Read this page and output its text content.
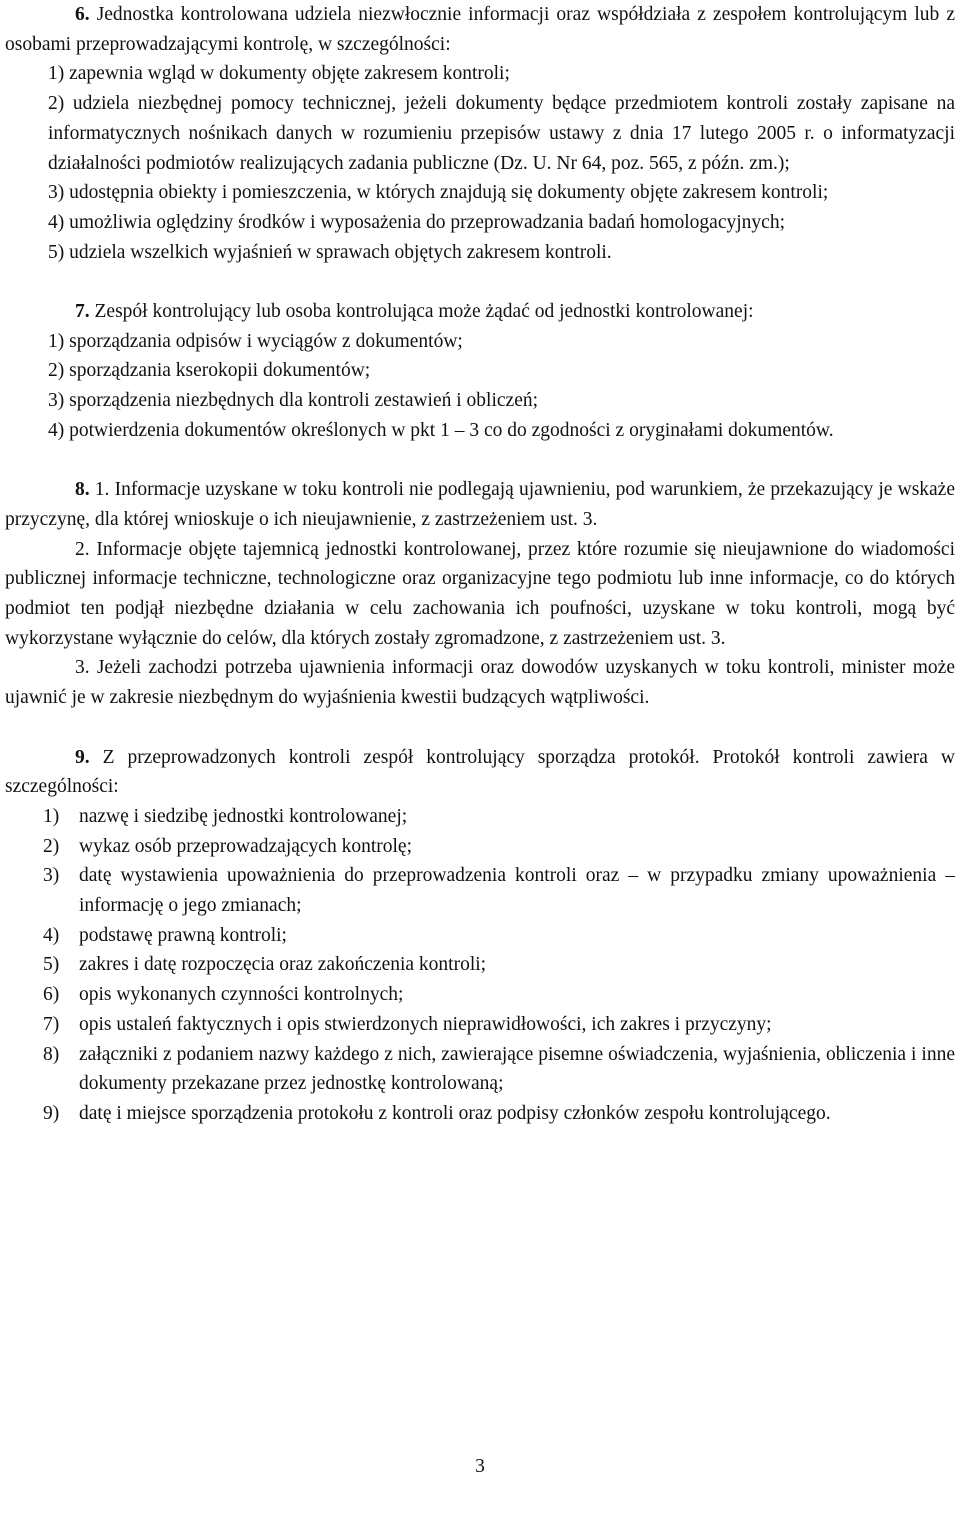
6. Jednostka kontrolowana udziela niezwłocznie informacji oraz współdziała z zespołem kontrolującym lub z osobami przeprowadzającymi kontrolę, w szczególności:

1) zapewnia wgląd w dokumenty objęte zakresem kontroli;

2) udziela niezbędnej pomocy technicznej, jeżeli dokumenty będące przedmiotem kontroli zostały zapisane na informatycznych nośnikach danych w rozumieniu przepisów ustawy z dnia 17 lutego 2005 r. o informatyzacji działalności podmiotów realizujących zadania publiczne (Dz. U. Nr 64, poz. 565, z późn. zm.);

3) udostępnia obiekty i pomieszczenia, w których znajdują się dokumenty objęte zakresem kontroli;

4) umożliwia oględziny środków i wyposażenia do przeprowadzania badań homologacyjnych;

5) udziela wszelkich wyjaśnień w sprawach objętych zakresem kontroli.

7. Zespół kontrolujący lub osoba kontrolująca może żądać od jednostki kontrolowanej:

1) sporządzania odpisów i wyciągów z dokumentów;

2) sporządzania kserokopii dokumentów;

3) sporządzenia niezbędnych dla kontroli zestawień i obliczeń;

4) potwierdzenia dokumentów określonych w pkt 1 – 3 co do zgodności z oryginałami dokumentów.

8. 1. Informacje uzyskane w toku kontroli nie podlegają ujawnieniu, pod warunkiem, że przekazujący je wskaże przyczynę, dla której wnioskuje o ich nieujawnienie, z zastrzeżeniem ust. 3.

2. Informacje objęte tajemnicą jednostki kontrolowanej, przez które rozumie się nieujawnione do wiadomości publicznej informacje techniczne, technologiczne oraz organizacyjne tego podmiotu lub inne informacje, co do których podmiot ten podjął niezbędne działania w celu zachowania ich poufności, uzyskane w toku kontroli, mogą być wykorzystane wyłącznie do celów, dla których zostały zgromadzone, z zastrzeżeniem ust. 3.

3. Jeżeli zachodzi potrzeba ujawnienia informacji oraz dowodów uzyskanych w toku kontroli, minister może ujawnić je w zakresie niezbędnym do wyjaśnienia kwestii budzących wątpliwości.

9. Z przeprowadzonych kontroli zespół kontrolujący sporządza protokół. Protokół kontroli zawiera w szczególności:

1) nazwę i siedzibę jednostki kontrolowanej;
2) wykaz osób przeprowadzających kontrolę;
3) datę wystawienia upoważnienia do przeprowadzenia kontroli oraz – w przypadku zmiany upoważnienia – informację o jego zmianach;
4) podstawę prawną kontroli;
5) zakres i datę rozpoczęcia oraz zakończenia kontroli;
6) opis wykonanych czynności kontrolnych;
7) opis ustaleń faktycznych i opis stwierdzonych nieprawidłowości, ich zakres i przyczyny;
8) załączniki z podaniem nazwy każdego z nich, zawierające pisemne oświadczenia, wyjaśnienia, obliczenia i inne dokumenty przekazane przez jednostkę kontrolowaną;
9) datę i miejsce sporządzenia protokołu z kontroli oraz podpisy członków zespołu kontrolującego.
3
